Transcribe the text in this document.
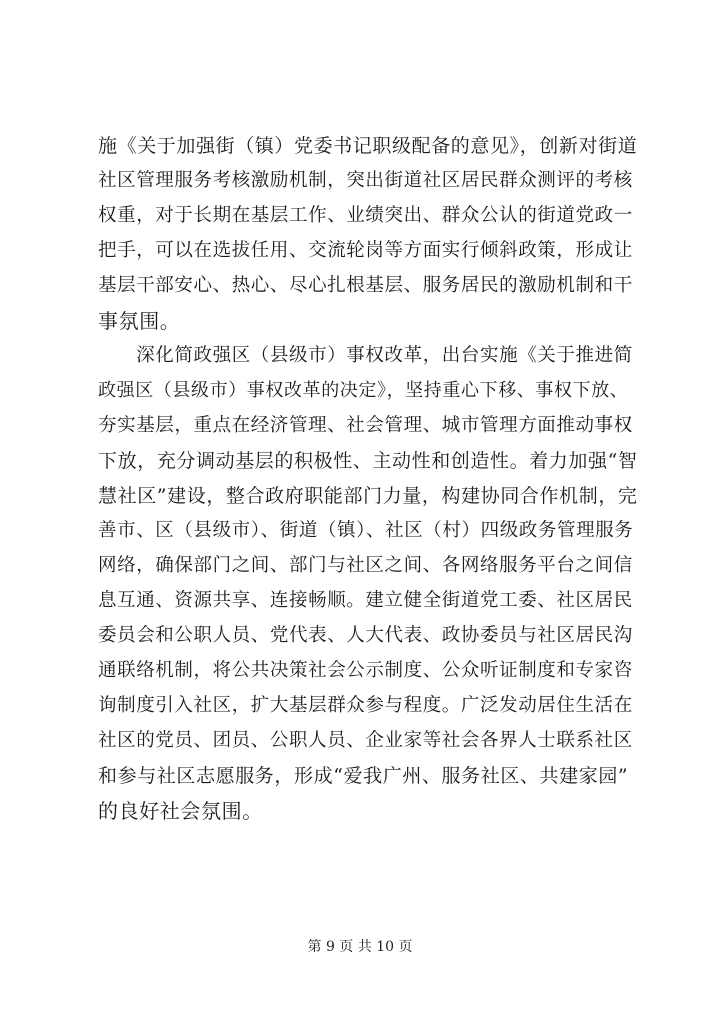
施《关于加强街（镇）党委书记职级配备的意见》，创新对街道
社区管理服务考核激励机制，突出街道社区居民群众测评的考核
权重，对于长期在基层工作、业绩突出、群众公认的街道党政一
把手，可以在选拔任用、交流轮岗等方面实行倾斜政策，形成让
基层干部安心、热心、尽心扎根基层、服务居民的激励机制和干
事氛围。
　　深化简政强区（县级市）事权改革，出台实施《关于推进简
政强区（县级市）事权改革的决定》，坚持重心下移、事权下放、
夯实基层，重点在经济管理、社会管理、城市管理方面推动事权
下放，充分调动基层的积极性、主动性和创造性。着力加强“智
慧社区”建设，整合政府职能部门力量，构建协同合作机制，完
善市、区（县级市）、街道（镇）、社区（村）四级政务管理服务
网络，确保部门之间、部门与社区之间、各网络服务平台之间信
息互通、资源共享、连接畅顺。建立健全街道党工委、社区居民
委员会和公职人员、党代表、人大代表、政协委员与社区居民沟
通联络机制，将公共决策社会公示制度、公众听证制度和专家咨
询制度引入社区，扩大基层群众参与程度。广泛发动居住生活在
社区的党员、团员、公职人员、企业家等社会各界人士联系社区
和参与社区志愿服务，形成“爱我广州、服务社区、共建家园”
的良好社会氛围。
第 9 页 共 10 页
